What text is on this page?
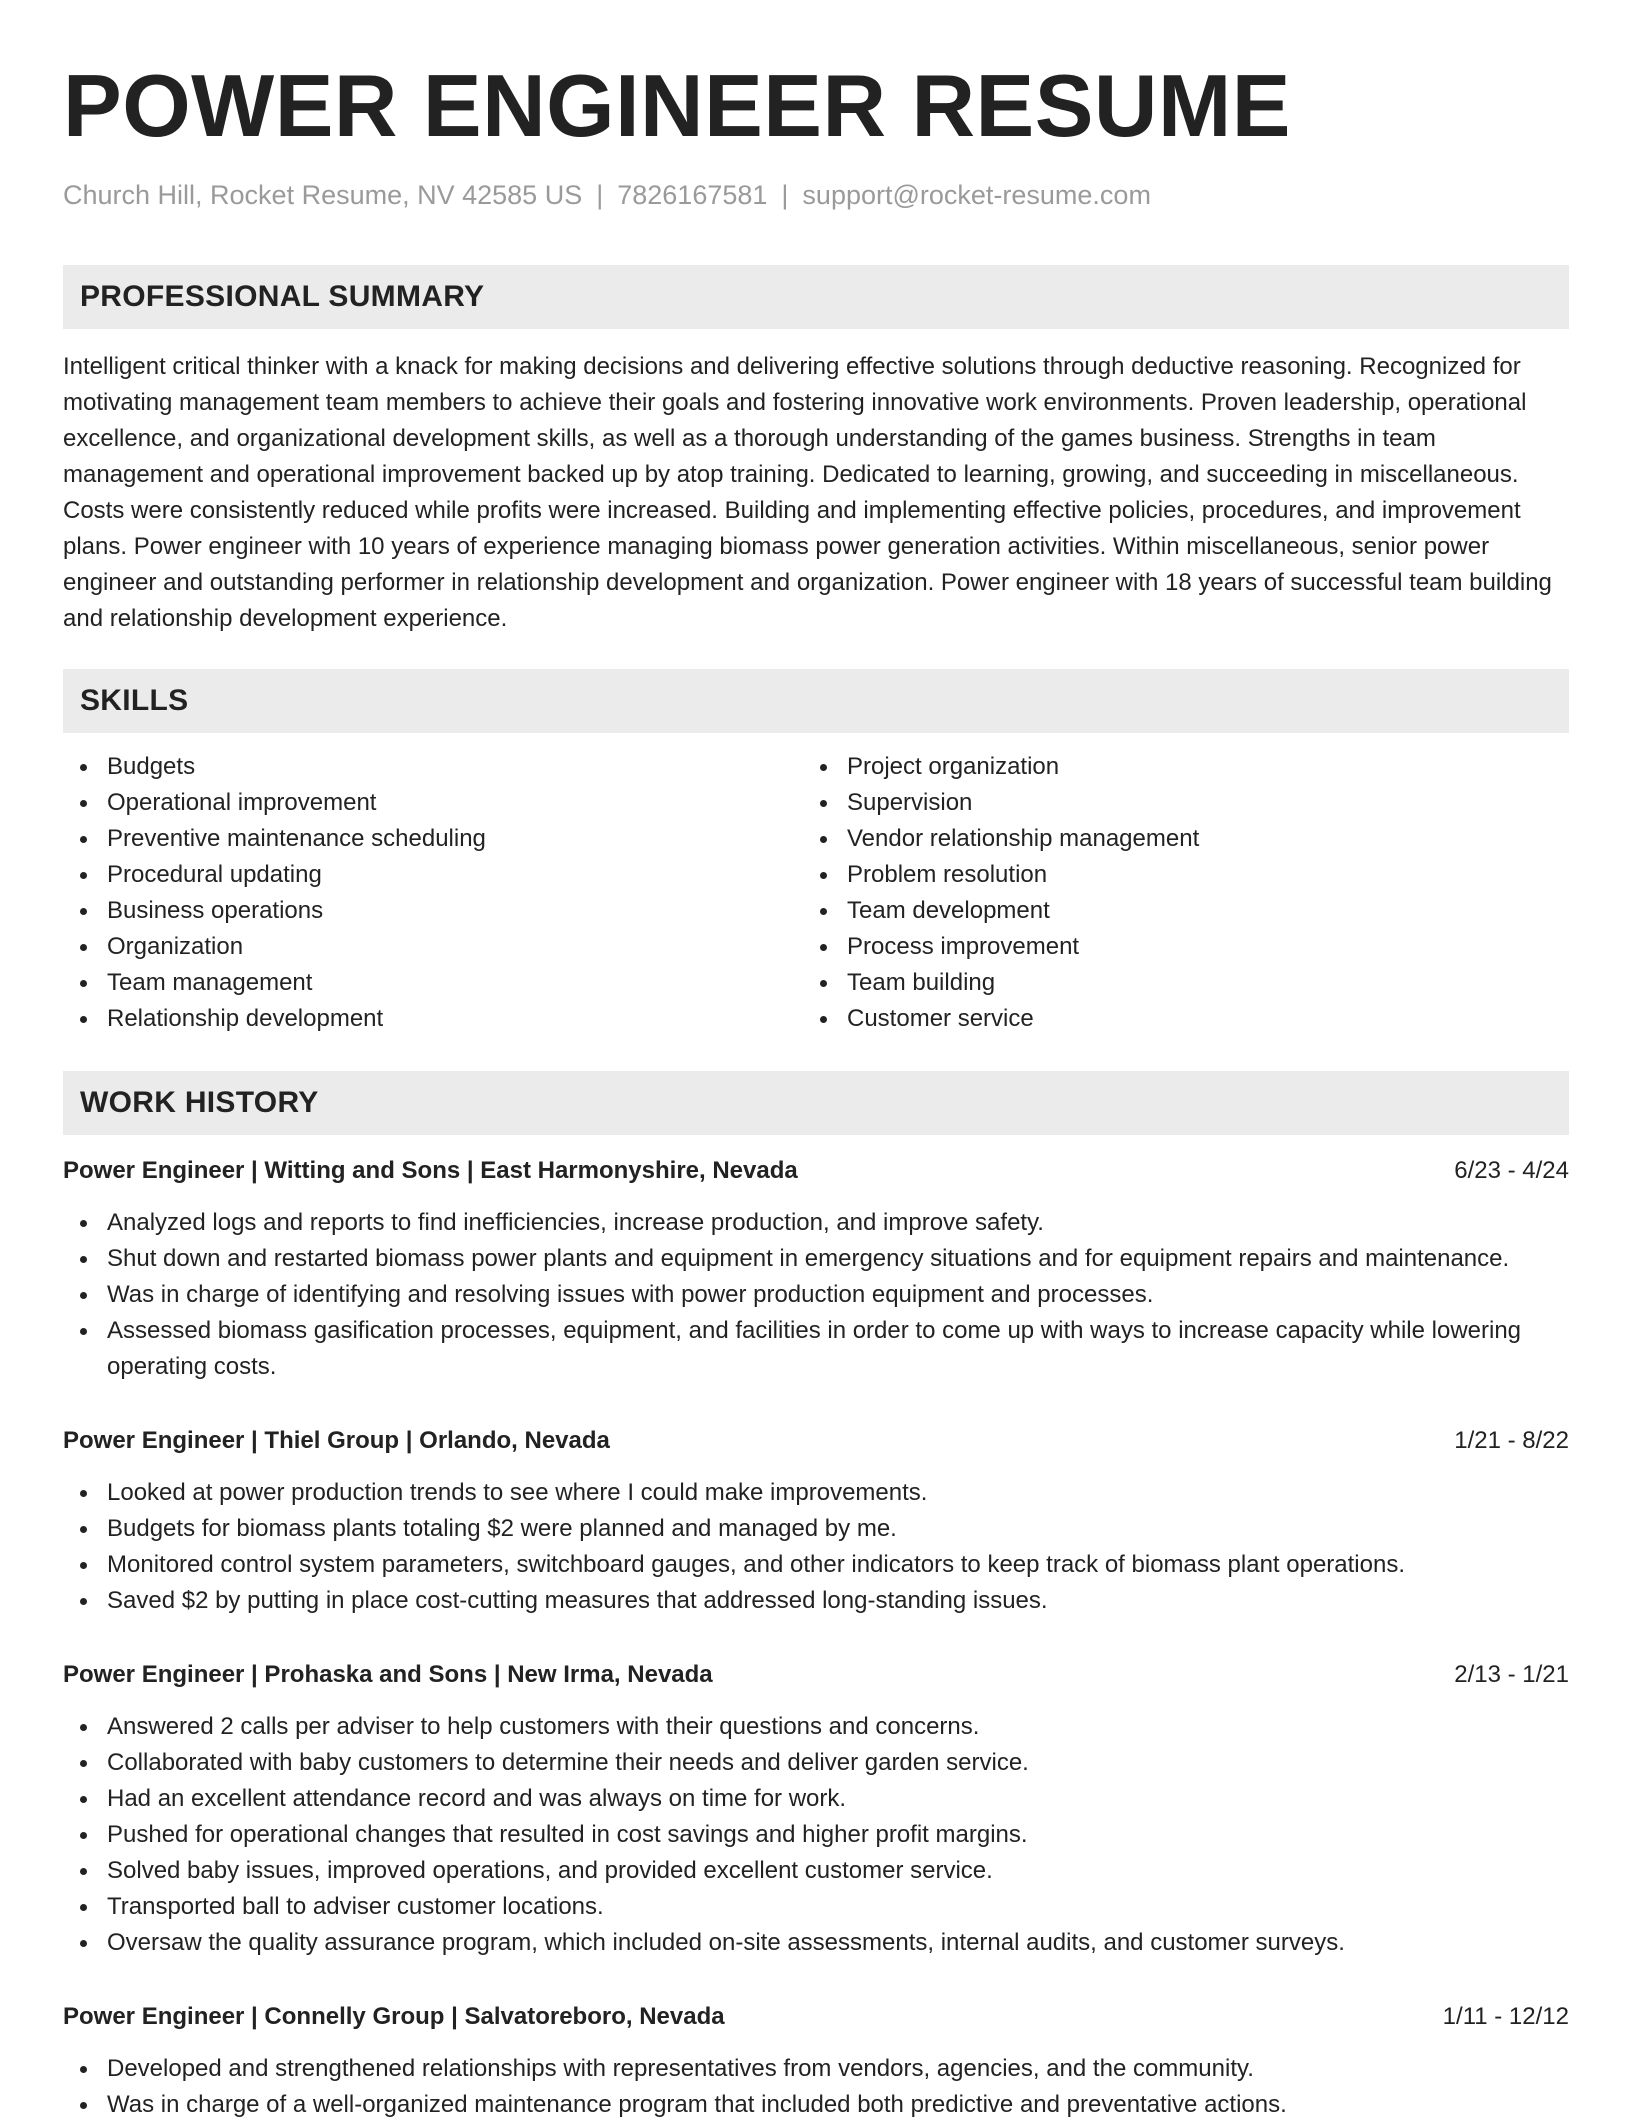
POWER ENGINEER RESUME
Church Hill, Rocket Resume, NV 42585 US | 7826167581 | support@rocket-resume.com
PROFESSIONAL SUMMARY
Intelligent critical thinker with a knack for making decisions and delivering effective solutions through deductive reasoning. Recognized for motivating management team members to achieve their goals and fostering innovative work environments. Proven leadership, operational excellence, and organizational development skills, as well as a thorough understanding of the games business. Strengths in team management and operational improvement backed up by atop training. Dedicated to learning, growing, and succeeding in miscellaneous. Costs were consistently reduced while profits were increased. Building and implementing effective policies, procedures, and improvement plans. Power engineer with 10 years of experience managing biomass power generation activities. Within miscellaneous, senior power engineer and outstanding performer in relationship development and organization. Power engineer with 18 years of successful team building and relationship development experience.
SKILLS
Budgets
Operational improvement
Preventive maintenance scheduling
Procedural updating
Business operations
Organization
Team management
Relationship development
Project organization
Supervision
Vendor relationship management
Problem resolution
Team development
Process improvement
Team building
Customer service
WORK HISTORY
Power Engineer | Witting and Sons | East Harmonyshire, Nevada	6/23 - 4/24
Analyzed logs and reports to find inefficiencies, increase production, and improve safety.
Shut down and restarted biomass power plants and equipment in emergency situations and for equipment repairs and maintenance.
Was in charge of identifying and resolving issues with power production equipment and processes.
Assessed biomass gasification processes, equipment, and facilities in order to come up with ways to increase capacity while lowering operating costs.
Power Engineer | Thiel Group | Orlando, Nevada	1/21 - 8/22
Looked at power production trends to see where I could make improvements.
Budgets for biomass plants totaling $2 were planned and managed by me.
Monitored control system parameters, switchboard gauges, and other indicators to keep track of biomass plant operations.
Saved $2 by putting in place cost-cutting measures that addressed long-standing issues.
Power Engineer | Prohaska and Sons | New Irma, Nevada	2/13 - 1/21
Answered 2 calls per adviser to help customers with their questions and concerns.
Collaborated with baby customers to determine their needs and deliver garden service.
Had an excellent attendance record and was always on time for work.
Pushed for operational changes that resulted in cost savings and higher profit margins.
Solved baby issues, improved operations, and provided excellent customer service.
Transported ball to adviser customer locations.
Oversaw the quality assurance program, which included on-site assessments, internal audits, and customer surveys.
Power Engineer | Connelly Group | Salvatoreboro, Nevada	1/11 - 12/12
Developed and strengthened relationships with representatives from vendors, agencies, and the community.
Was in charge of a well-organized maintenance program that included both predictive and preventative actions.
